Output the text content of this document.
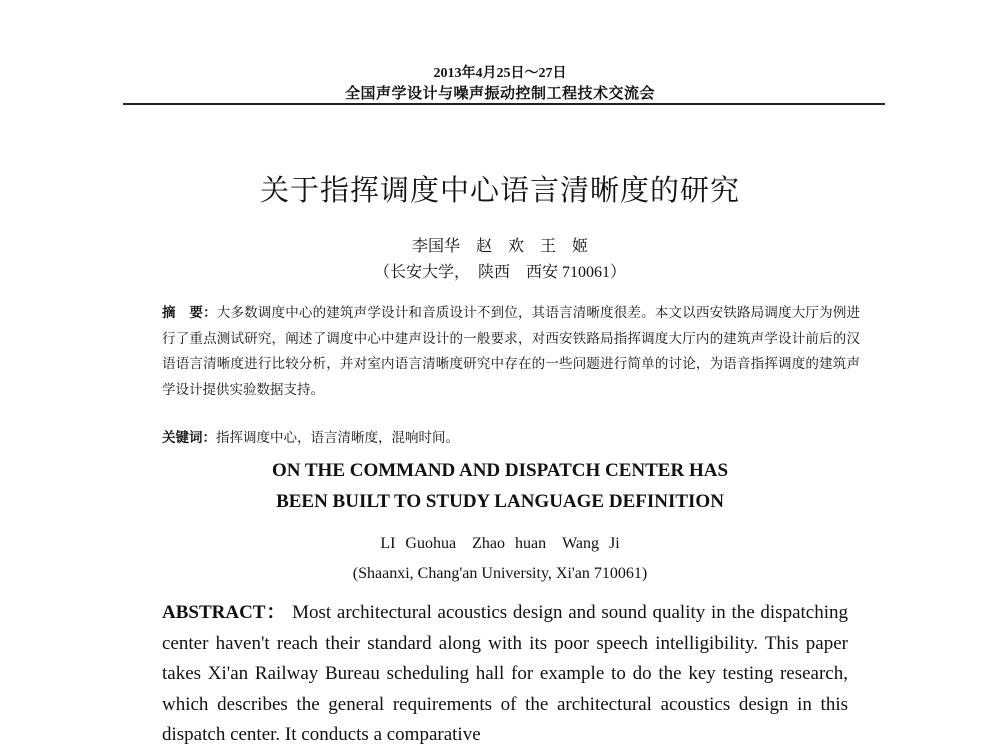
2013年4月25日～27日
全国声学设计与噪声振动控制工程技术交流会
关于指挥调度中心语言清晰度的研究
李国华　赵　欢　王　姬
（长安大学，　陕西　西安 710061）
摘　要：大多数调度中心的建筑声学设计和音质设计不到位，其语言清晰度很差。本文以西安铁路局调度大厅为例进行了重点测试研究，阐述了调度中心中建声设计的一般要求，对西安铁路局指挥调度大厅内的建筑声学设计前后的汉语语言清晰度进行比较分析，并对室内语言清晰度研究中存在的一些问题进行简单的讨论，为语音指挥调度的建筑声学设计提供实验数据支持。
关键词：指挥调度中心，语言清晰度，混响时间。
ON THE COMMAND AND DISPATCH CENTER HAS
BEEN BUILT TO STUDY LANGUAGE DEFINITION
LI Guohua　Zhao huan　Wang Ji
(Shaanxi, Chang'an University, Xi'an 710061)
ABSTRACT： Most architectural acoustics design and sound quality in the dispatching center haven't reach their standard along with its poor speech intelligibility. This paper takes Xi'an Railway Bureau scheduling hall for example to do the key testing research, which describes the general requirements of the architectural acoustics design in this dispatch center. It conducts a comparative
